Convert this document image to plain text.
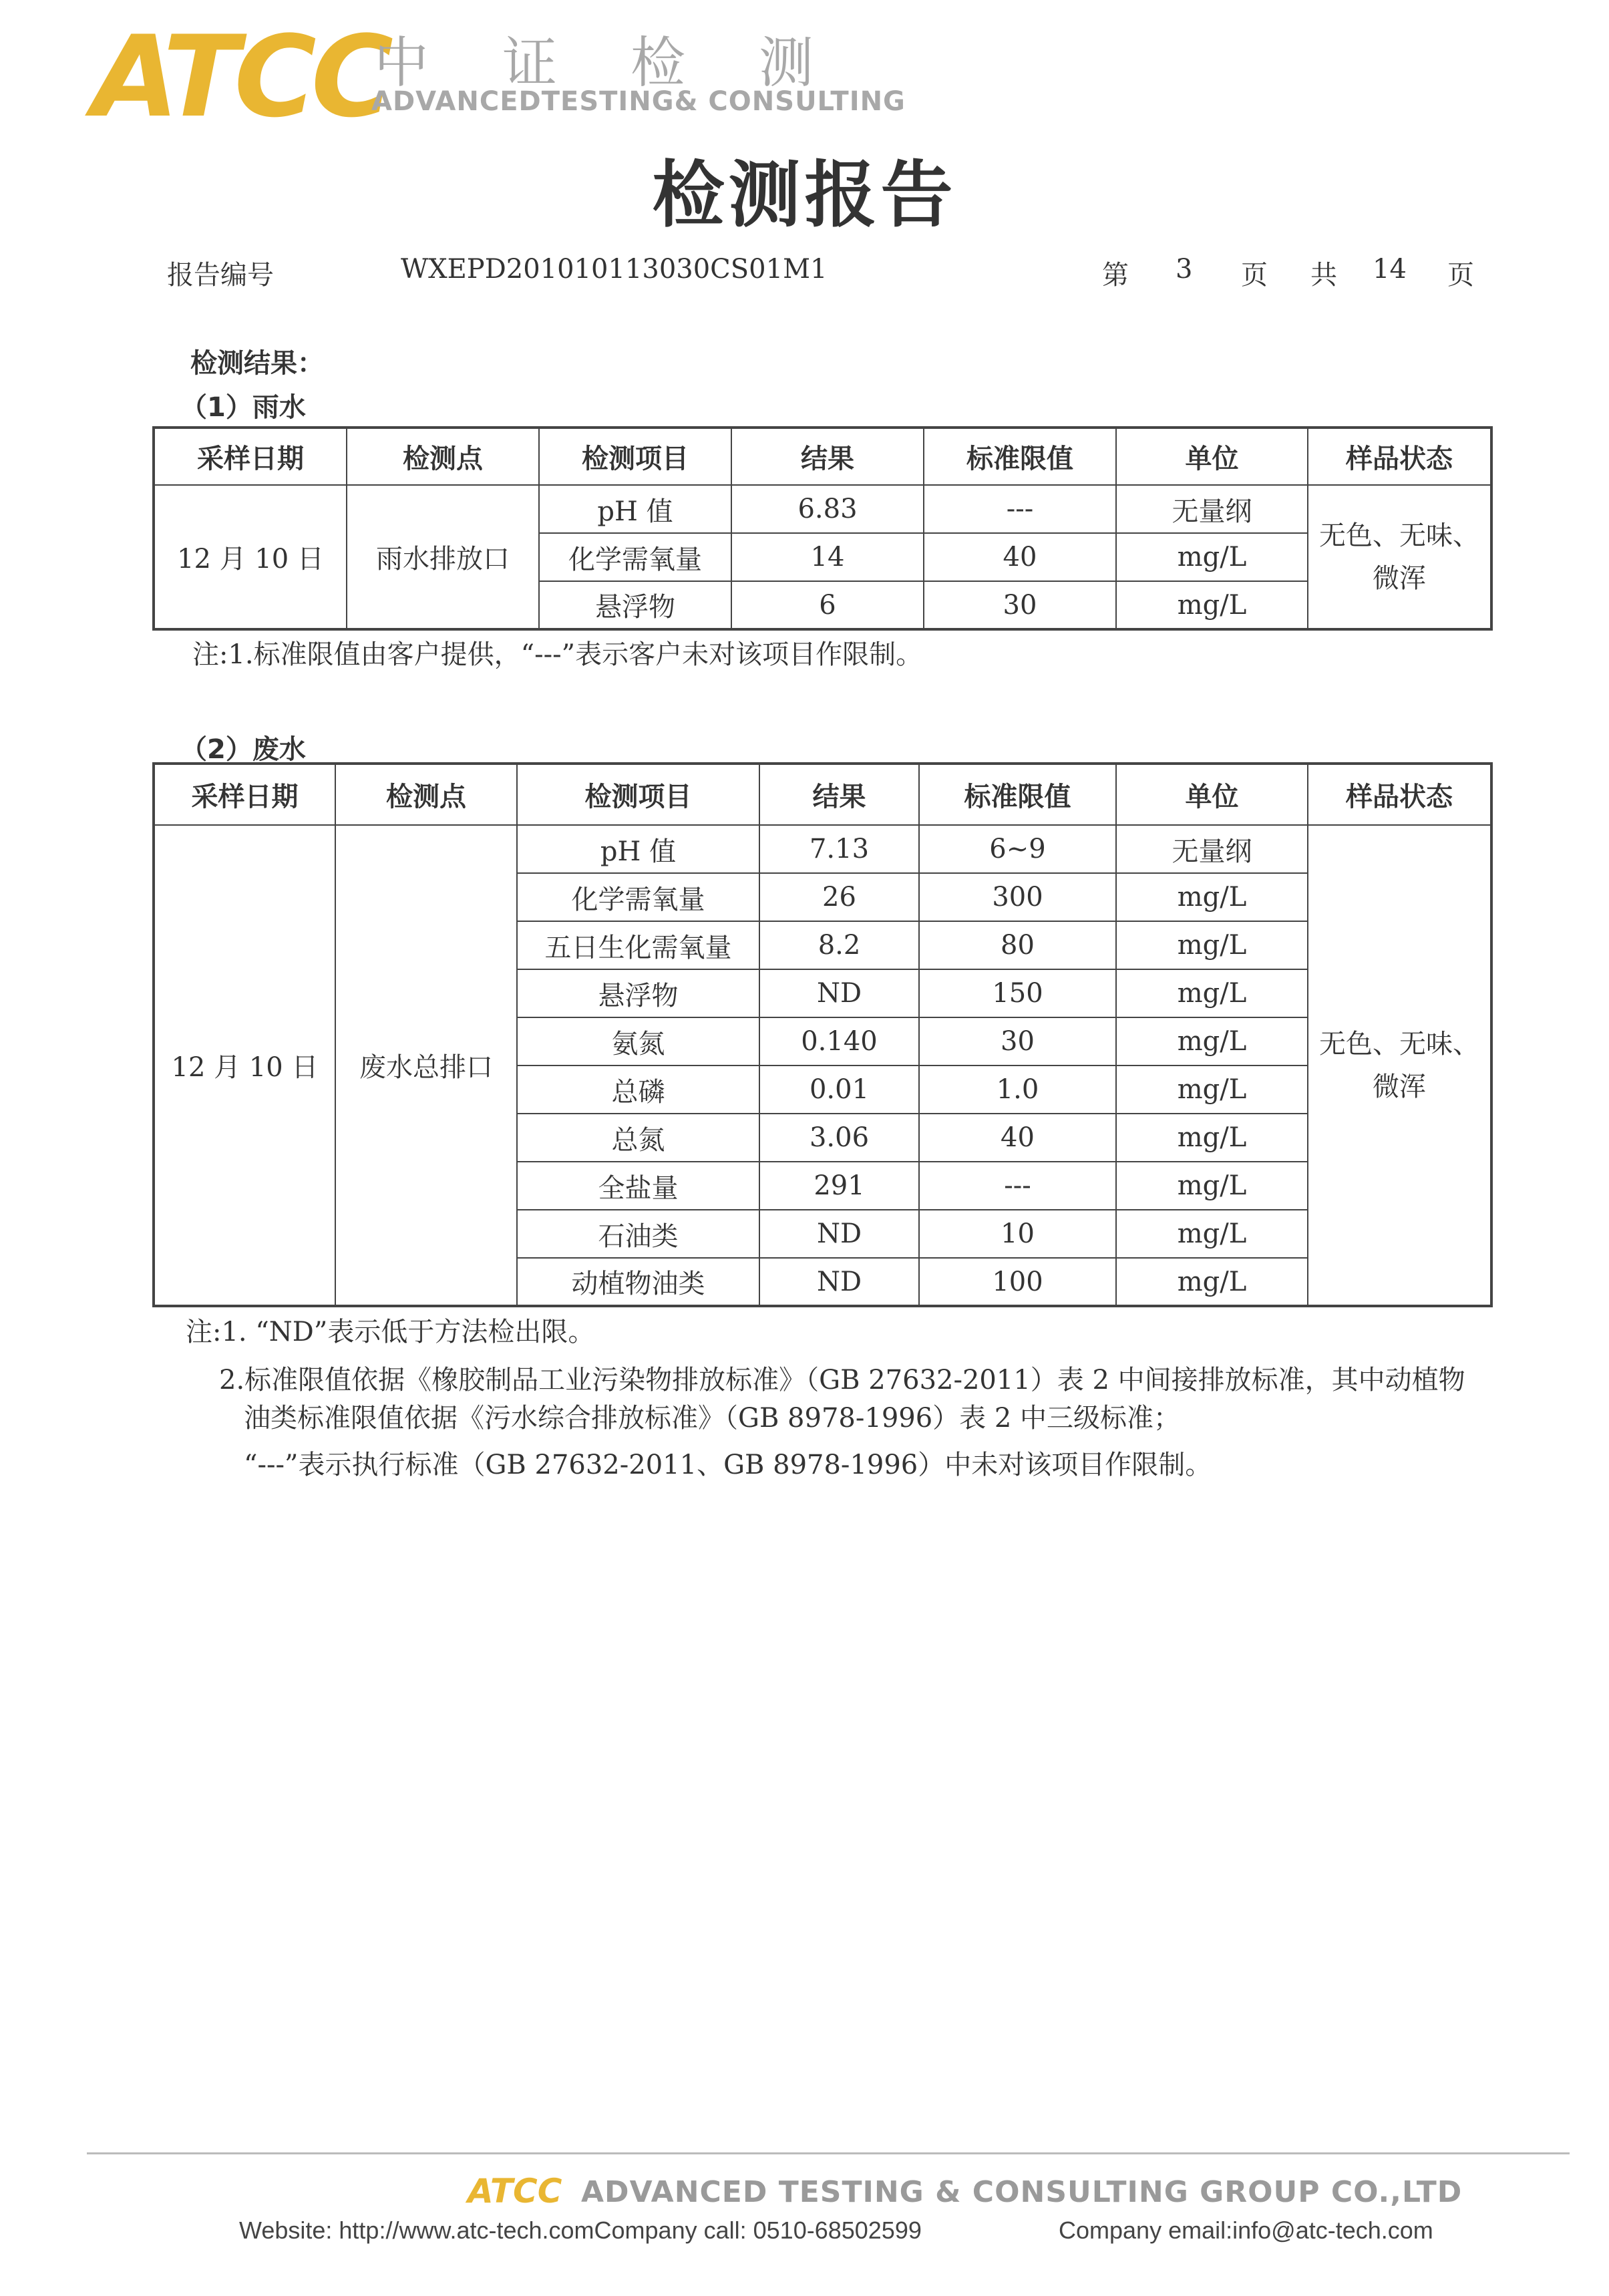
ATCC
中证检测
ADVANCEDTESTING& CONSULTING
检测报告
报告编号	WXEPD201010113030CS01M1	第 3 页　共 14 页
检测结果：
（1）雨水
采样日期	检测点	检测项目	结果	标准限值	单位	样品状态
12 月 10 日	雨水排放口	pH 值	6.83	---	无量纲	无色、无味、
微浑

		化学需氧量	14	40	mg/L	
		悬浮物	6	30	mg/L	
注:1.标准限值由客户提供，“---”表示客户未对该项目作限制。
（2）废水
采样日期	检测点	检测项目	结果	标准限值	单位	样品状态
12 月 10 日	废水总排口	pH 值	7.13	6~9	无量纲	无色、无味、
微浑

		化学需氧量	26	300	mg/L	
		五日生化需氧量	8.2	80	mg/L	
		悬浮物	ND	150	mg/L	
		氨氮	0.140	30	mg/L	
		总磷	0.01	1.0	mg/L	
		总氮	3.06	40	mg/L	
		全盐量	291	---	mg/L	
		石油类	ND	10	mg/L	
		动植物油类	ND	100	mg/L	
注:1. “ND”表示低于方法检出限。
2.标准限值依据《橡胶制品工业污染物排放标准》（GB 27632-2011）表 2 中间接排放标准，其中动植物
油类标准限值依据《污水综合排放标准》（GB 8978-1996）表 2 中三级标准；
“---”表示执行标准（GB 27632-2011、GB 8978-1996）中未对该项目作限制。
ATCC ADVANCED TESTING & CONSULTING GROUP CO.,LTD
Website: http://www.atc-tech.comCompany call: 0510-68502599	Company email:info@atc-tech.com
